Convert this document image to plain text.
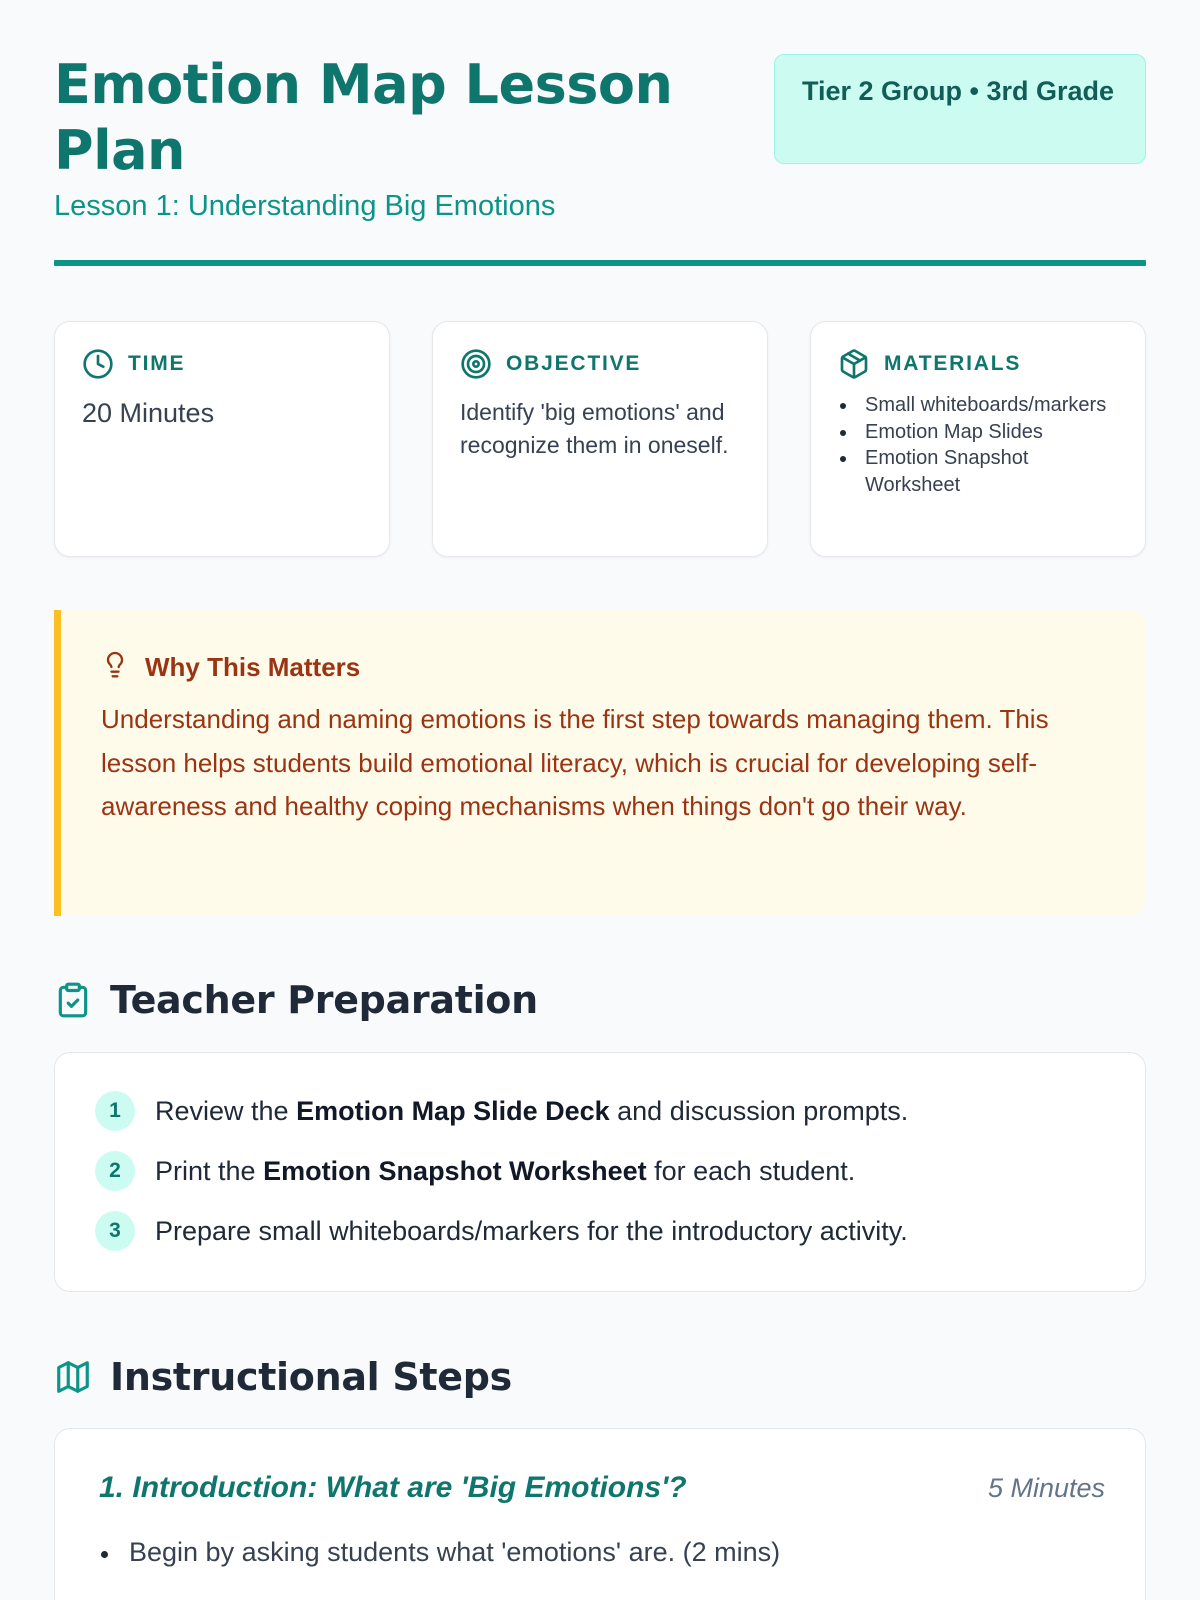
Emotion Map Lesson Plan
Lesson 1: Understanding Big Emotions
Tier 2 Group • 3rd Grade
TIME
20 Minutes
OBJECTIVE
Identify 'big emotions' and recognize them in oneself.
MATERIALS
Small whiteboards/markers
Emotion Map Slides
Emotion Snapshot Worksheet
Why This Matters

Understanding and naming emotions is the first step towards managing them. This lesson helps students build emotional literacy, which is crucial for developing self-awareness and healthy coping mechanisms when things don't go their way.

Teacher Preparation
1	Review the Emotion Map Slide Deck and discussion prompts.
2	Print the Emotion Snapshot Worksheet for each student.
3	Prepare small whiteboards/markers for the introductory activity.
Instructional Steps
1. Introduction: What are 'Big Emotions'?	5 Minutes
Begin by asking students what 'emotions' are. (2 mins)
